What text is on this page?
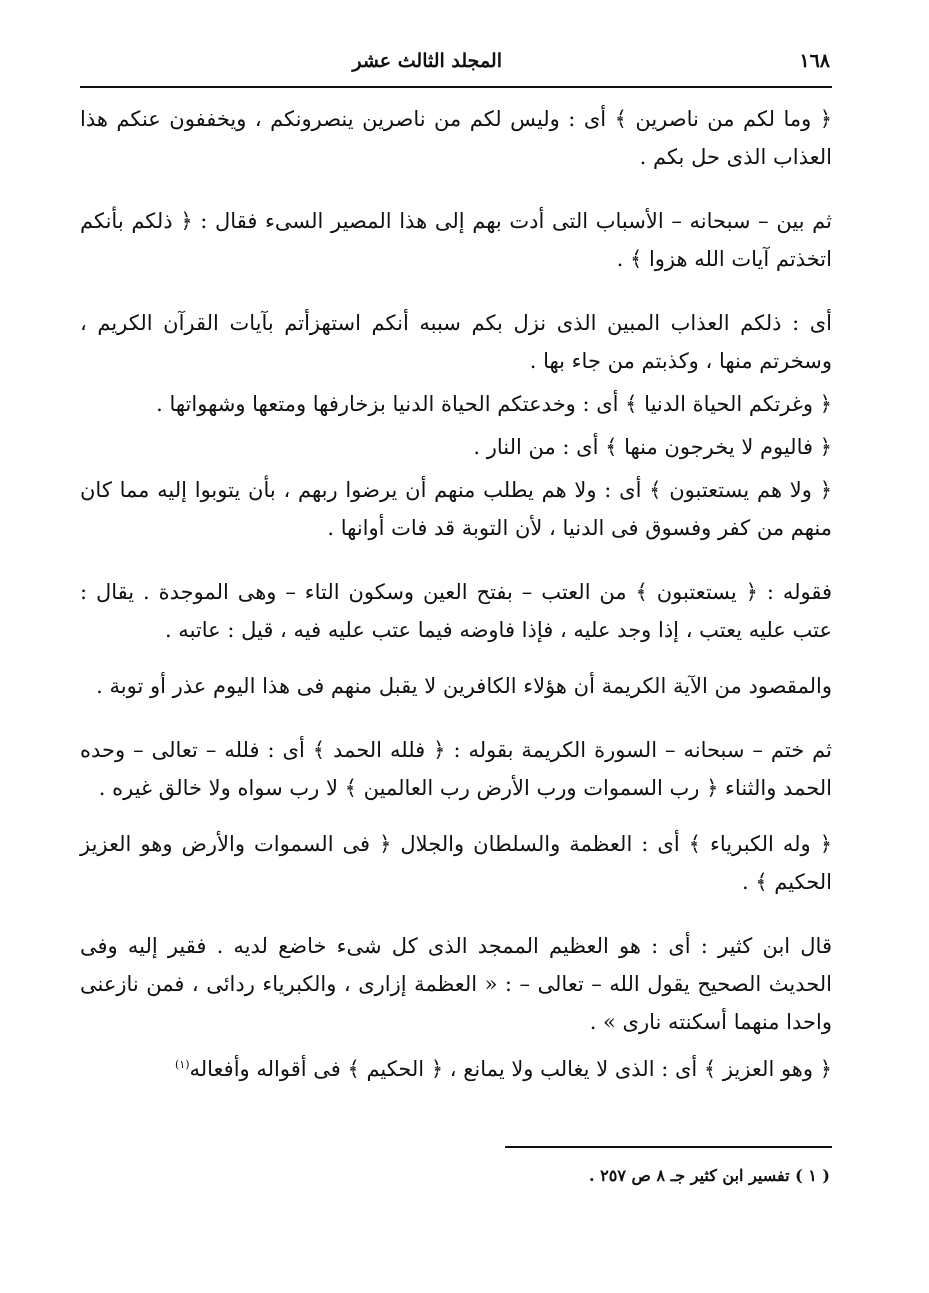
١٦٨
المجلد الثالث عشر

﴿ وما لكم من ناصرين ﴾ أى : وليس لكم من ناصرين ينصرونكم ، ويخففون عنكم هذا العذاب الذى حل بكم .

ثم بين – سبحانه – الأسباب التى أدت بهم إلى هذا المصير السىء فقال : ﴿ ذلكم بأنكم اتخذتم آيات الله هزوا ﴾ .

أى : ذلكم العذاب المبين الذى نزل بكم سببه أنكم استهزأتم بآيات القرآن الكريم ، وسخرتم منها ، وكذبتم من جاء بها .

﴿ وغرتكم الحياة الدنيا ﴾ أى : وخدعتكم الحياة الدنيا بزخارفها ومتعها وشهواتها .

﴿ فاليوم لا يخرجون منها ﴾ أى : من النار .

﴿ ولا هم يستعتبون ﴾ أى : ولا هم يطلب منهم أن يرضوا ربهم ، بأن يتوبوا إليه مما كان منهم من كفر وفسوق فى الدنيا ، لأن التوبة قد فات أوانها .

فقوله : ﴿ يستعتبون ﴾ من العتب – بفتح العين وسكون التاء – وهى الموجدة . يقال : عتب عليه يعتب ، إذا وجد عليه ، فإذا فاوضه فيما عتب عليه فيه ، قيل : عاتبه .

والمقصود من الآية الكريمة أن هؤلاء الكافرين لا يقبل منهم فى هذا اليوم عذر أو توبة .

ثم ختم – سبحانه – السورة الكريمة بقوله : ﴿ فلله الحمد ﴾ أى : فلله – تعالى – وحده الحمد والثناء ﴿ رب السموات ورب الأرض رب العالمين ﴾ لا رب سواه ولا خالق غيره .

﴿ وله الكبرياء ﴾ أى : العظمة والسلطان والجلال ﴿ فى السموات والأرض وهو العزيز الحكيم ﴾ .

قال ابن كثير : أى : هو العظيم الممجد الذى كل شىء خاضع لديه . فقير إليه وفى الحديث الصحيح يقول الله – تعالى – : « العظمة إزارى ، والكبرياء ردائى ، فمن نازعنى واحدا منهما أسكنته نارى » .

﴿ وهو العزيز ﴾ أى : الذى لا يغالب ولا يمانع ، ﴿ الحكيم ﴾ فى أقواله وأفعاله$^{(١)}$

( ١ ) تفسير ابن كثير جـ ٨ ص ٢٥٧ .
